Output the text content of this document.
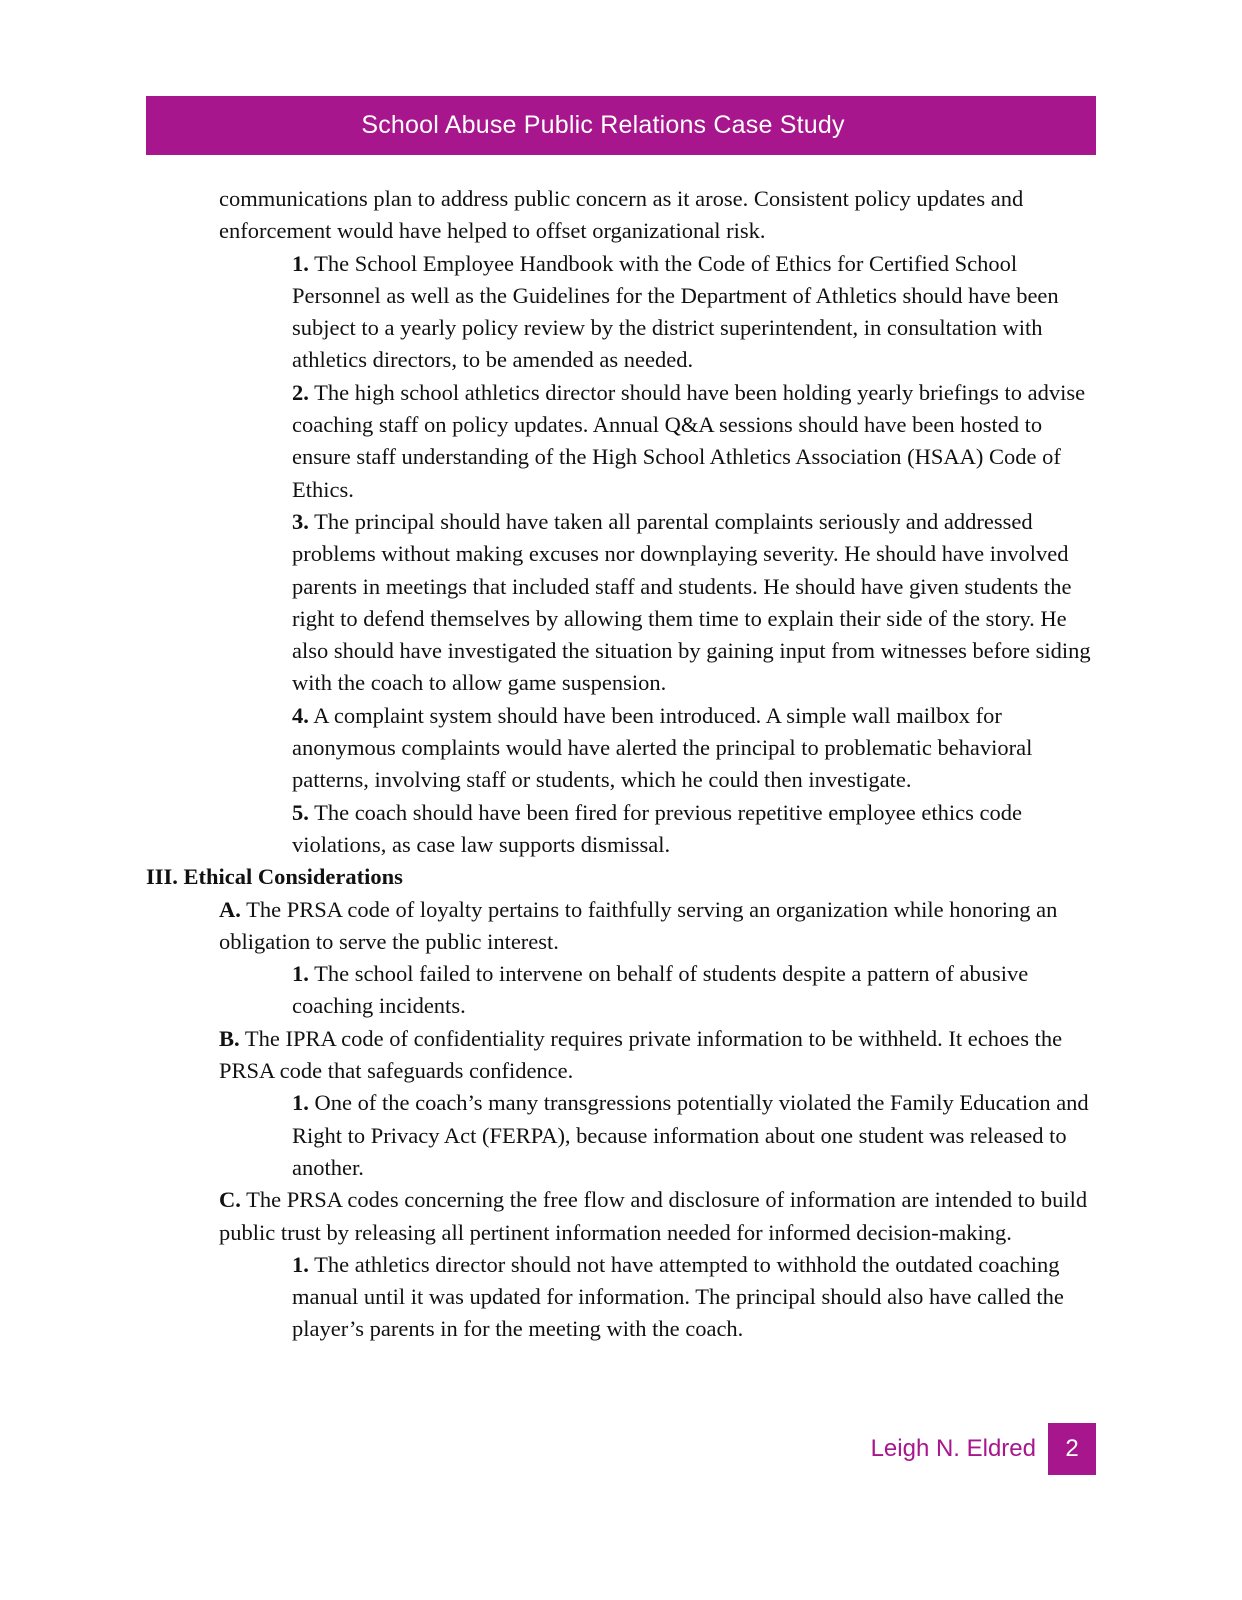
School Abuse Public Relations Case Study

communications plan to address public concern as it arose. Consistent policy updates and enforcement would have helped to offset organizational risk.

1. The School Employee Handbook with the Code of Ethics for Certified School Personnel as well as the Guidelines for the Department of Athletics should have been subject to a yearly policy review by the district superintendent, in consultation with athletics directors, to be amended as needed.

2. The high school athletics director should have been holding yearly briefings to advise coaching staff on policy updates. Annual Q&A sessions should have been hosted to ensure staff understanding of the High School Athletics Association (HSAA) Code of Ethics.

3. The principal should have taken all parental complaints seriously and addressed problems without making excuses nor downplaying severity. He should have involved parents in meetings that included staff and students. He should have given students the right to defend themselves by allowing them time to explain their side of the story. He also should have investigated the situation by gaining input from witnesses before siding with the coach to allow game suspension.

4. A complaint system should have been introduced. A simple wall mailbox for anonymous complaints would have alerted the principal to problematic behavioral patterns, involving staff or students, which he could then investigate.

5. The coach should have been fired for previous repetitive employee ethics code violations, as case law supports dismissal.

III. Ethical Considerations

A. The PRSA code of loyalty pertains to faithfully serving an organization while honoring an obligation to serve the public interest.

1. The school failed to intervene on behalf of students despite a pattern of abusive coaching incidents.

B. The IPRA code of confidentiality requires private information to be withheld. It echoes the PRSA code that safeguards confidence.

1. One of the coach’s many transgressions potentially violated the Family Education and Right to Privacy Act (FERPA), because information about one student was released to another.

C. The PRSA codes concerning the free flow and disclosure of information are intended to build public trust by releasing all pertinent information needed for informed decision-making.

1. The athletics director should not have attempted to withhold the outdated coaching manual until it was updated for information. The principal should also have called the player’s parents in for the meeting with the coach.

Leigh N. Eldred	2
